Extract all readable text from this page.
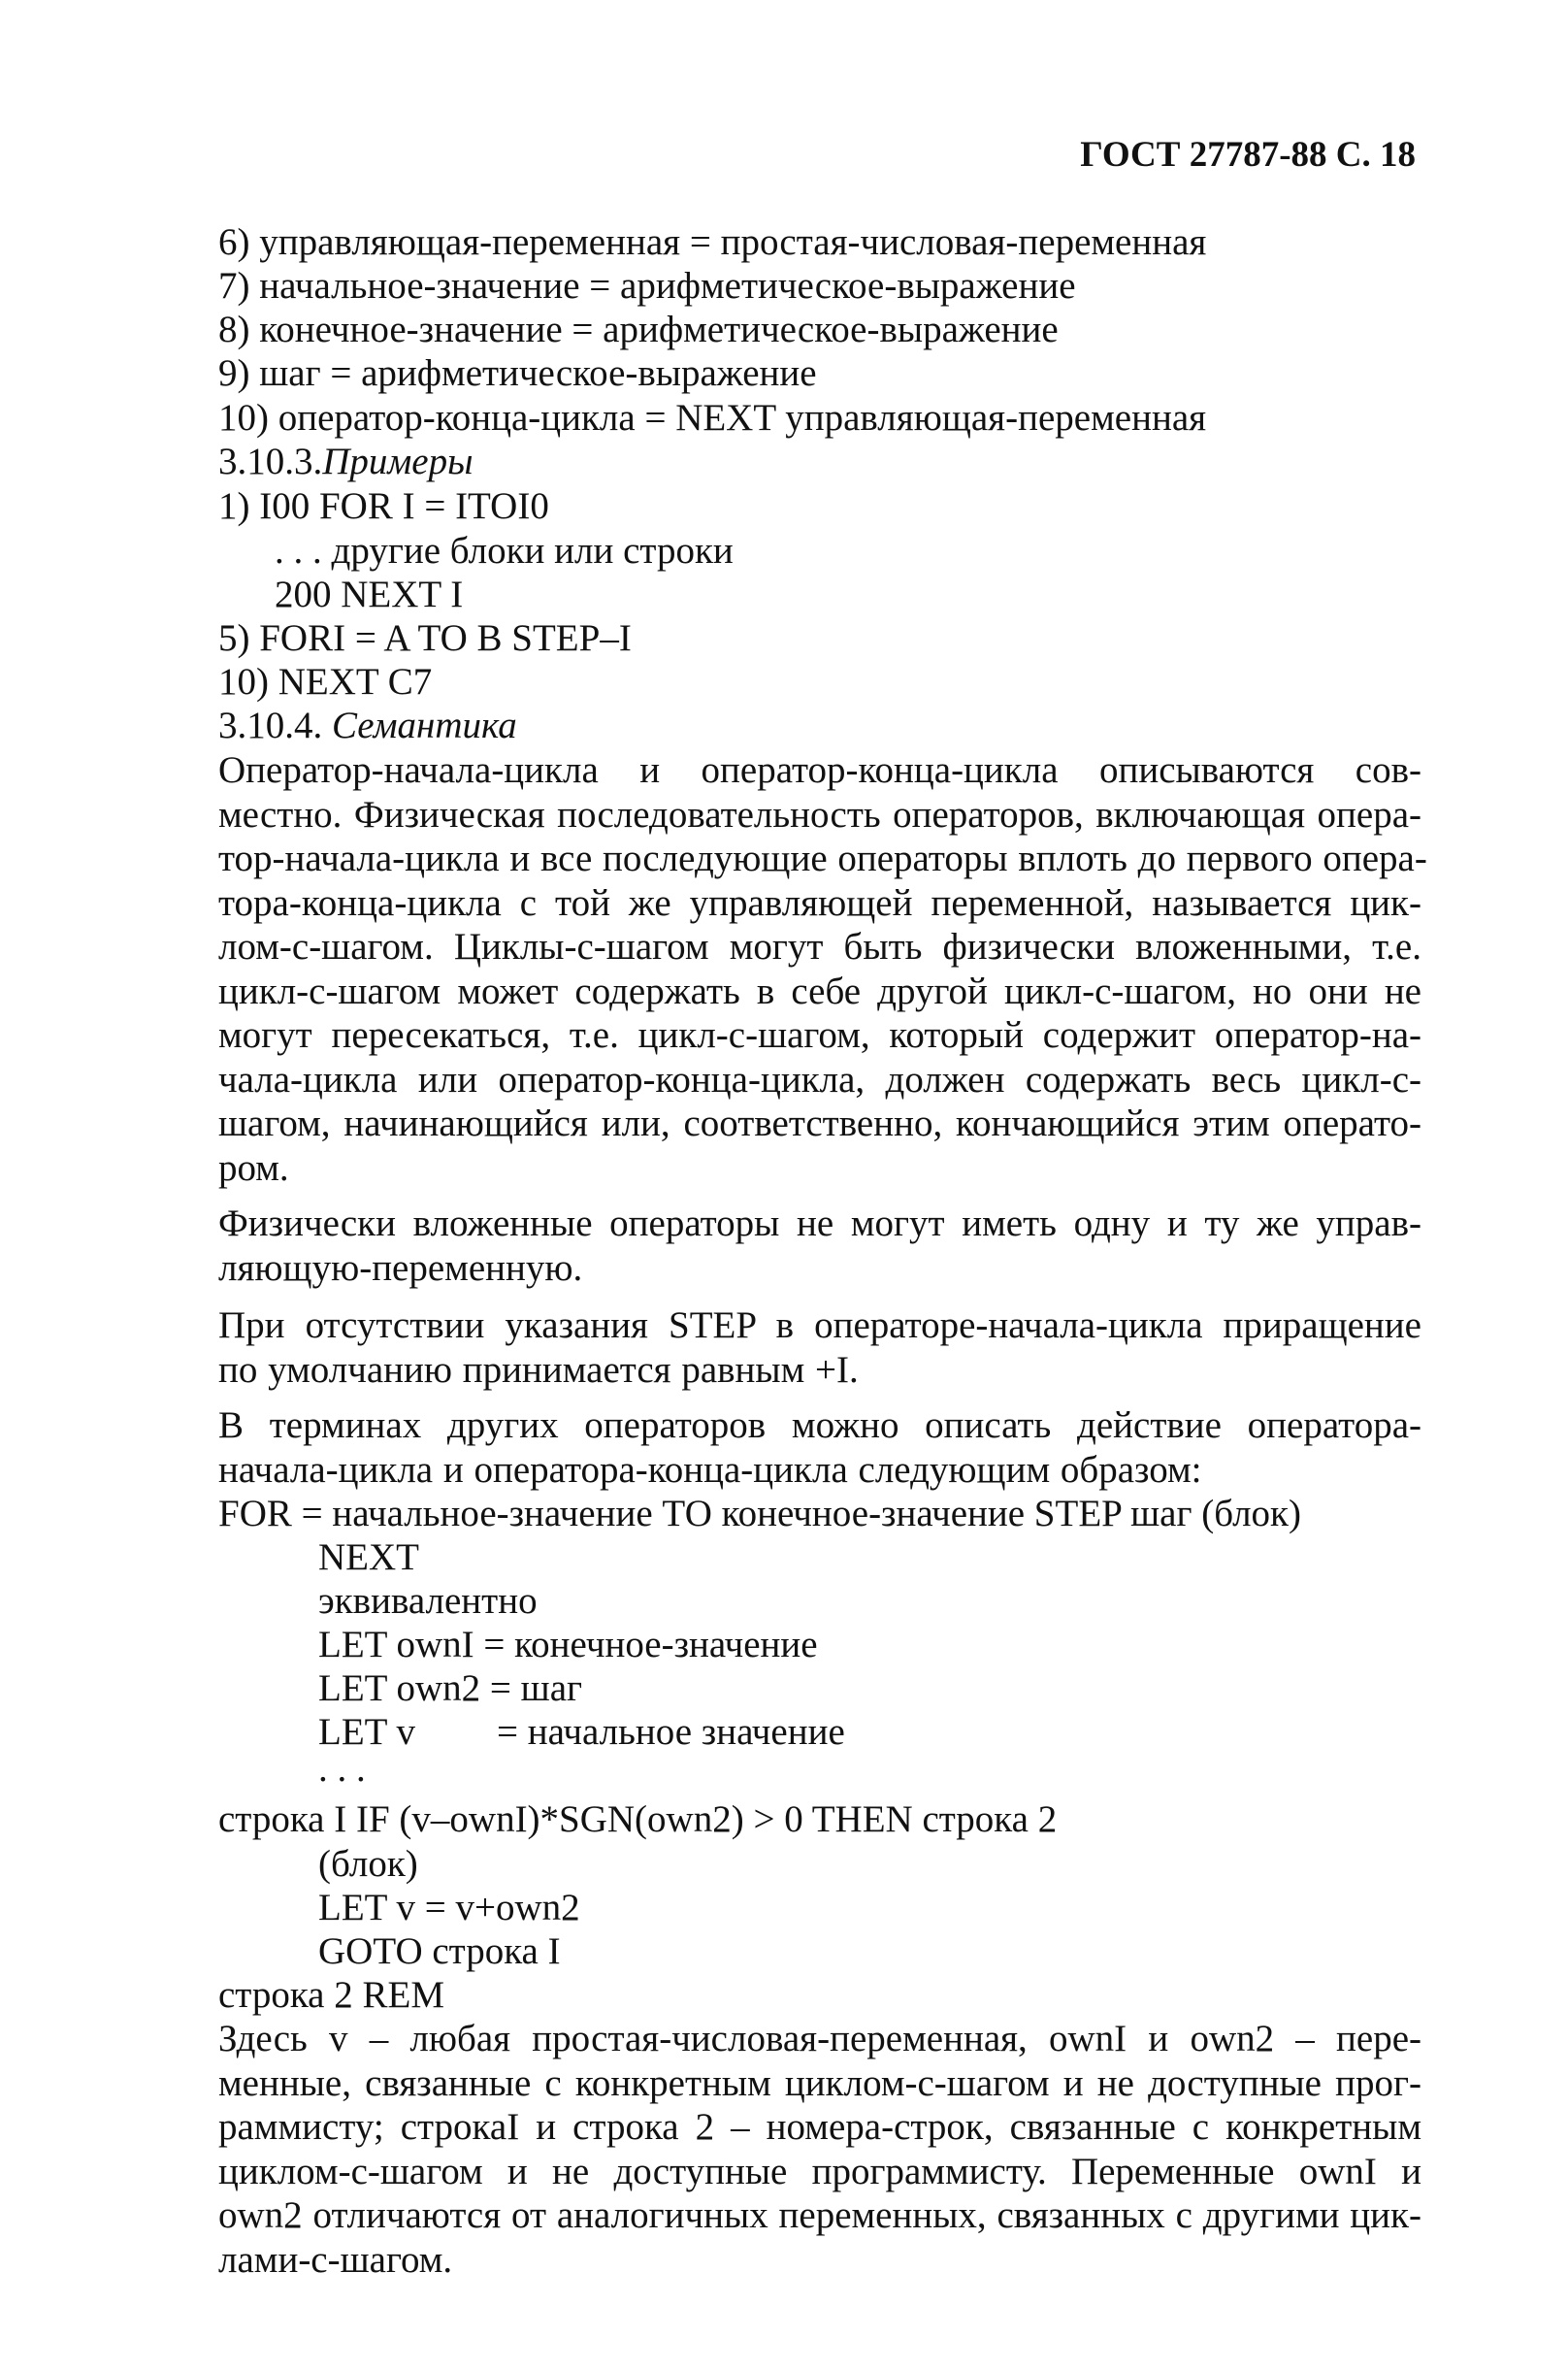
ГОСТ 27787-88 С. 18
6) управляющая-переменная = простая-числовая-переменная
7) начальное-значение = арифметическое-выражение
8) конечное-значение = арифметическое-выражение
9) шаг = арифметическое-выражение
10) оператор-конца-цикла = NEXT управляющая-переменная
3.10.3.Примеры
1) I00 FOR I = ITOI0
. . . другие блоки или строки
200 NEXT I
5) FORI = A TO B STEP–I
10) NEXT C7
3.10.4. Семантика
Оператор-начала-цикла и оператор-конца-цикла описываются сов-
местно. Физическая последовательность операторов, включающая опера-
тор-начала-цикла и все последующие операторы вплоть до первого опера-
тора-конца-цикла с той же управляющей переменной, называется цик-
лом-с-шагом. Циклы-с-шагом могут быть физически вложенными, т.е.
цикл-с-шагом может содержать в себе другой цикл-с-шагом, но они не
могут пересекаться, т.е. цикл-с-шагом, который содержит оператор-на-
чала-цикла или оператор-конца-цикла, должен содержать весь цикл-с-
шагом, начинающийся или, соответственно, кончающийся этим операто-
ром.
Физически вложенные операторы не могут иметь одну и ту же управ-
ляющую-переменную.
При отсутствии указания STEP в операторе-начала-цикла приращение
по умолчанию принимается равным +I.
В терминах других операторов можно описать действие оператора-
начала-цикла и оператора-конца-цикла следующим образом:
FOR = начальное-значение ТО конечное-значение STEP шаг (блок)
NEXT
эквивалентно
LET ownI = конечное-значение
LET own2 = шаг
LET v = начальное значение
. . .
строка I IF (v–ownI)*SGN(own2) > 0 THEN строка 2
(блок)
LET v = v+own2
GOTO строка I
строка 2 REM
Здесь v – любая простая-числовая-переменная, ownI и own2 – пере-
менные, связанные с конкретным циклом-с-шагом и не доступные прог-
раммисту; строкаI и строка 2 – номера-строк, связанные с конкретным
циклом-с-шагом и не доступные программисту. Переменные ownI и
own2 отличаются от аналогичных переменных, связанных с другими цик-
лами-с-шагом.
